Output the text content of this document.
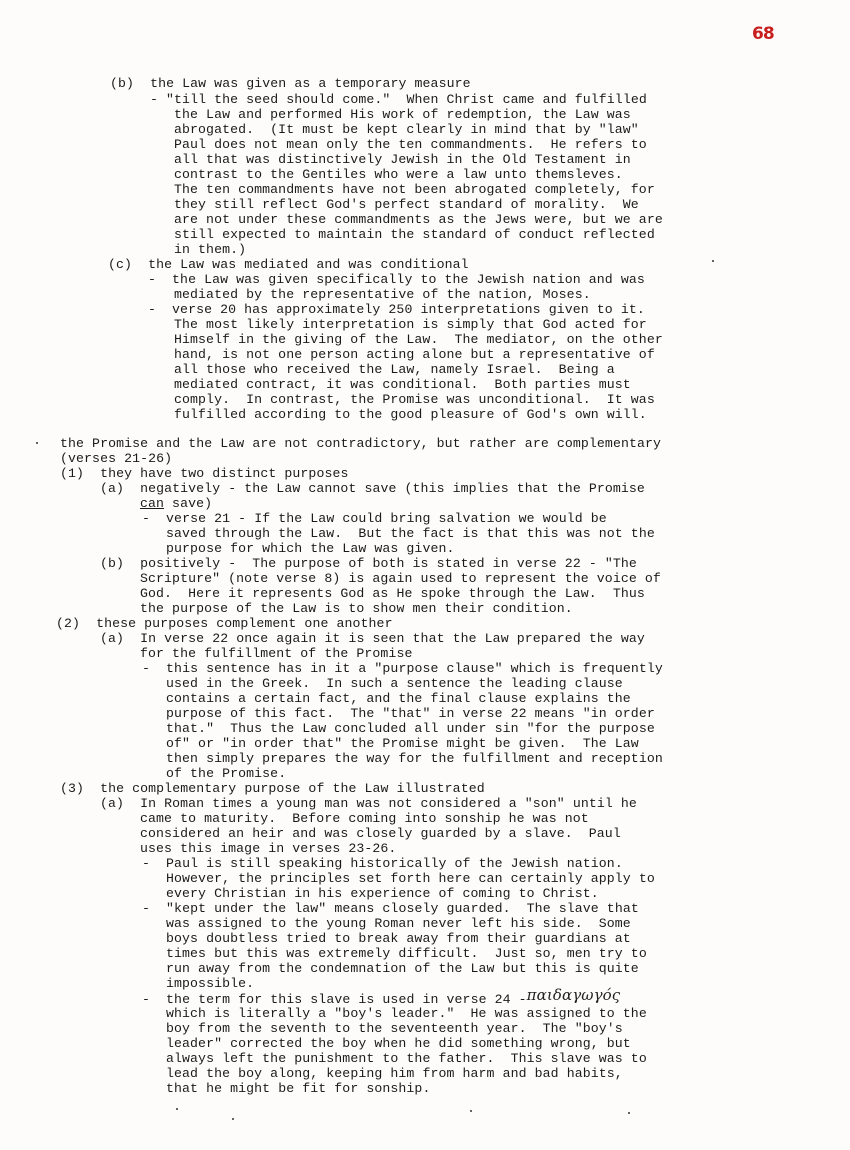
68
(b)  the Law was given as a temporary measure
- "till the seed should come."  When Christ came and fulfilled
the Law and performed His work of redemption, the Law was
abrogated.  (It must be kept clearly in mind that by "law"
Paul does not mean only the ten commandments.  He refers to
all that was distinctively Jewish in the Old Testament in
contrast to the Gentiles who were a law unto themsleves.
The ten commandments have not been abrogated completely, for
they still reflect God's perfect standard of morality.  We
are not under these commandments as the Jews were, but we are
still expected to maintain the standard of conduct reflected
in them.)
(c)  the Law was mediated and was conditional
-  the Law was given specifically to the Jewish nation and was
mediated by the representative of the nation, Moses.
-  verse 20 has approximately 250 interpretations given to it.
The most likely interpretation is simply that God acted for
Himself in the giving of the Law.  The mediator, on the other
hand, is not one person acting alone but a representative of
all those who received the Law, namely Israel.  Being a
mediated contract, it was conditional.  Both parties must
comply.  In contrast, the Promise was unconditional.  It was
fulfilled according to the good pleasure of God's own will.
the Promise and the Law are not contradictory, but rather are complementary
(verses 21-26)
(1)  they have two distinct purposes
(a)  negatively - the Law cannot save (this implies that the Promise
can save)
-  verse 21 - If the Law could bring salvation we would be
saved through the Law.  But the fact is that this was not the
purpose for which the Law was given.
(b)  positively -  The purpose of both is stated in verse 22 - "The
Scripture" (note verse 8) is again used to represent the voice of
God.  Here it represents God as He spoke through the Law.  Thus
the purpose of the Law is to show men their condition.
(2)  these purposes complement one another
(a)  In verse 22 once again it is seen that the Law prepared the way
for the fulfillment of the Promise
-  this sentence has in it a "purpose clause" which is frequently
used in the Greek.  In such a sentence the leading clause
contains a certain fact, and the final clause explains the
purpose of this fact.  The "that" in verse 22 means "in order
that."  Thus the Law concluded all under sin "for the purpose
of" or "in order that" the Promise might be given.  The Law
then simply prepares the way for the fulfillment and reception
of the Promise.
(3)  the complementary purpose of the Law illustrated
(a)  In Roman times a young man was not considered a "son" until he
came to maturity.  Before coming into sonship he was not
considered an heir and was closely guarded by a slave.  Paul
uses this image in verses 23-26.
-  Paul is still speaking historically of the Jewish nation.
However, the principles set forth here can certainly apply to
every Christian in his experience of coming to Christ.
-  "kept under the law" means closely guarded.  The slave that
was assigned to the young Roman never left his side.  Some
boys doubtless tried to break away from their guardians at
times but this was extremely difficult.  Just so, men try to
run away from the condemnation of the Law but this is quite
impossible.
-  the term for this slave is used in verse 24 -παιδαγωγός
which is literally a "boy's leader."  He was assigned to the
boy from the seventh to the seventeenth year.  The "boy's
leader" corrected the boy when he did something wrong, but
always left the punishment to the father.  This slave was to
lead the boy along, keeping him from harm and bad habits,
that he might be fit for sonship.
